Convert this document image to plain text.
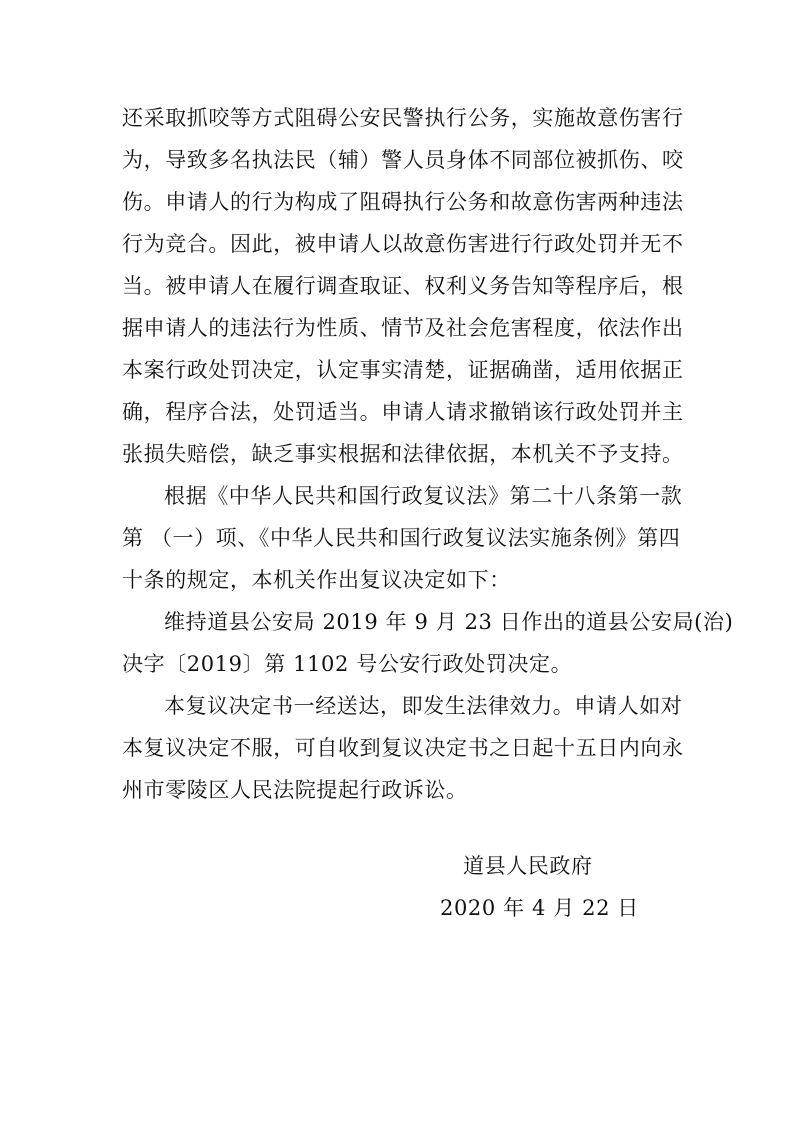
还采取抓咬等方式阻碍公安民警执行公务，实施故意伤害行
为，导致多名执法民（辅）警人员身体不同部位被抓伤、咬
伤。申请人的行为构成了阻碍执行公务和故意伤害两种违法
行为竞合。因此，被申请人以故意伤害进行行政处罚并无不
当。被申请人在履行调查取证、权利义务告知等程序后，根
据申请人的违法行为性质、情节及社会危害程度，依法作出
本案行政处罚决定，认定事实清楚，证据确凿，适用依据正
确，程序合法，处罚适当。申请人请求撤销该行政处罚并主
张损失赔偿，缺乏事实根据和法律依据，本机关不予支持。
根据《中华人民共和国行政复议法》第二十八条第一款
第 （一）项、《中华人民共和国行政复议法实施条例》第四
十条的规定，本机关作出复议决定如下：
维持道县公安局 2019 年 9 月 23 日作出的道县公安局(治)
决字〔2019〕第 1102 号公安行政处罚决定。
本复议决定书一经送达，即发生法律效力。申请人如对
本复议决定不服，可自收到复议决定书之日起十五日内向永
州市零陵区人民法院提起行政诉讼。
道县人民政府
2020 年 4 月 22 日
